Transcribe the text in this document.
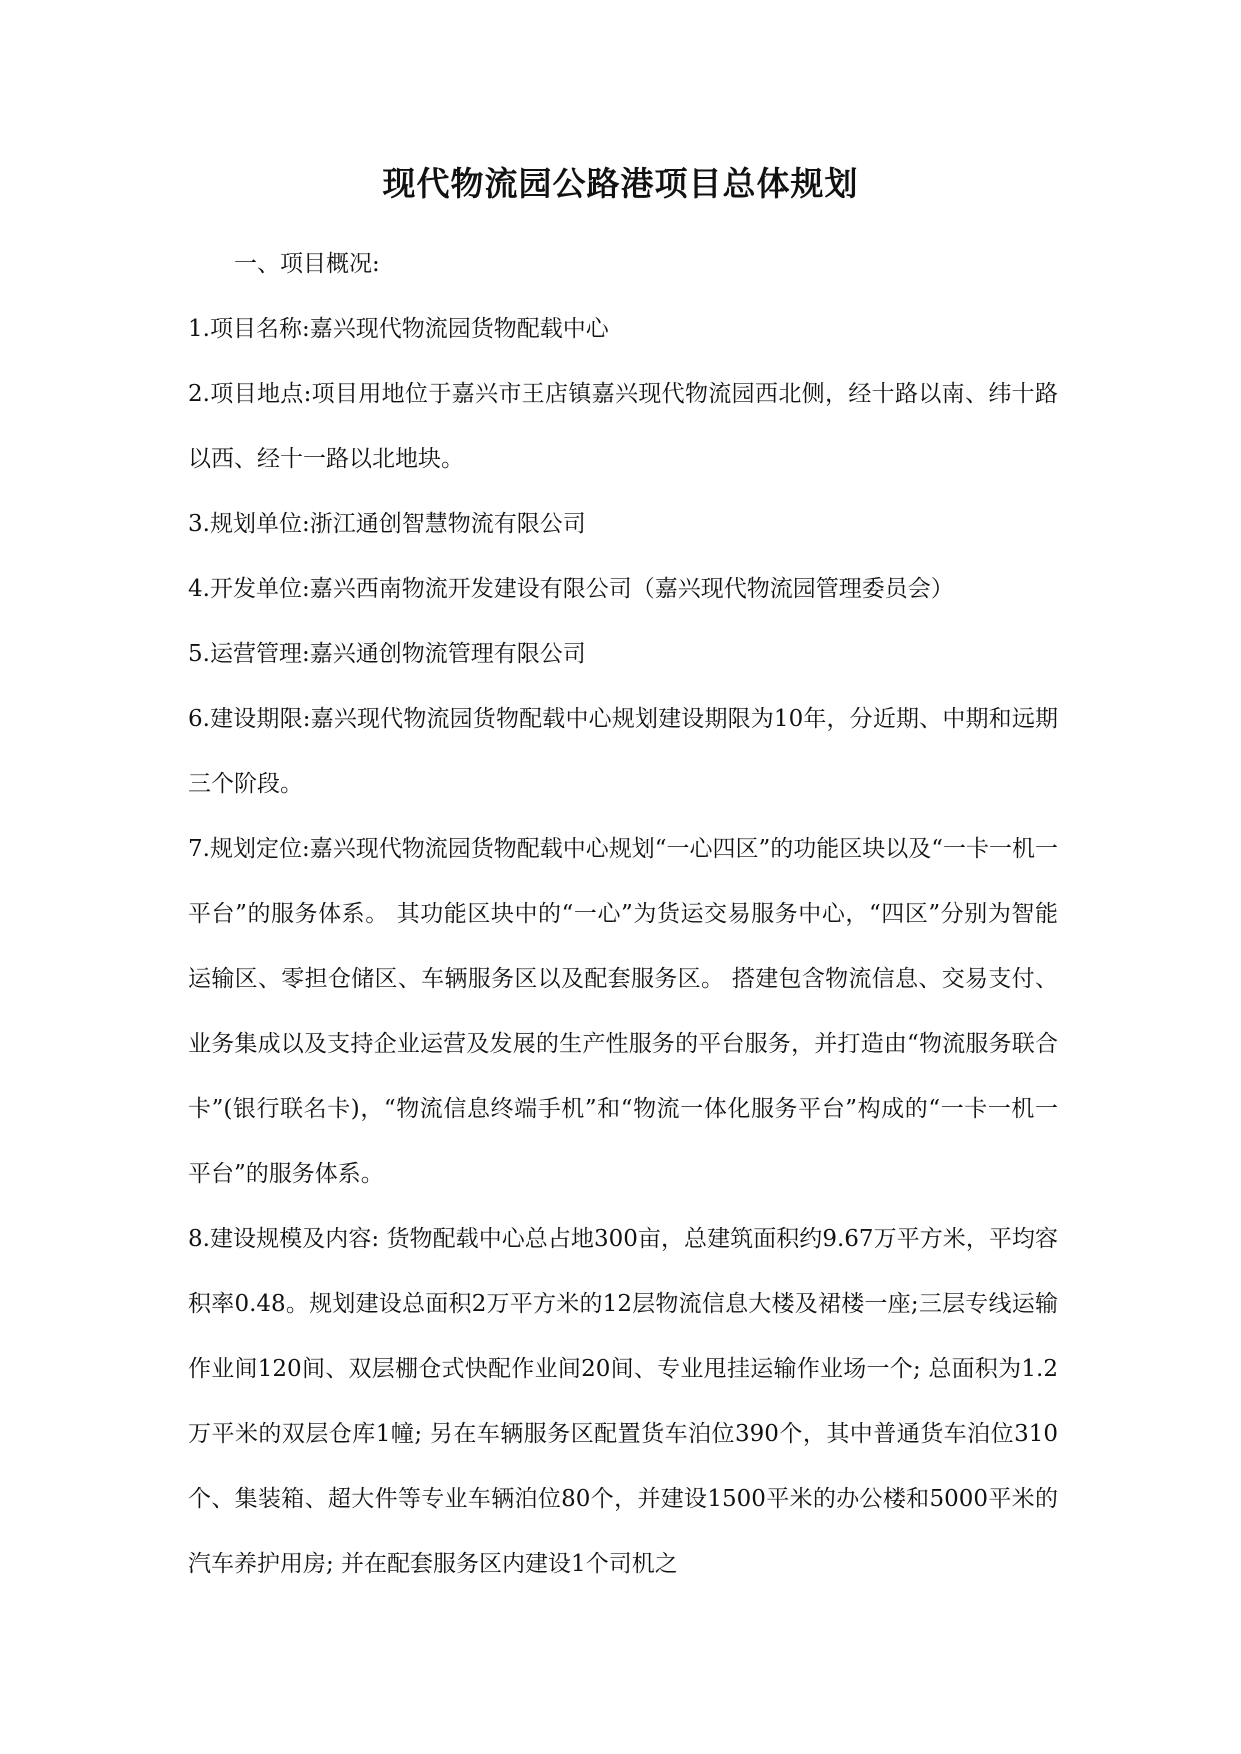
现代物流园公路港项目总体规划

一、项目概况:

1.项目名称:嘉兴现代物流园货物配载中心

2.项目地点:项目用地位于嘉兴市王店镇嘉兴现代物流园西北侧，经十路以南、纬十路以西、经十一路以北地块。

3.规划单位:浙江通创智慧物流有限公司

4.开发单位:嘉兴西南物流开发建设有限公司（嘉兴现代物流园管理委员会）

5.运营管理:嘉兴通创物流管理有限公司

6.建设期限:嘉兴现代物流园货物配载中心规划建设期限为10年，分近期、中期和远期三个阶段。

7.规划定位:嘉兴现代物流园货物配载中心规划“一心四区”的功能区块以及“一卡一机一平台”的服务体系。 其功能区块中的“一心”为货运交易服务中心，“四区”分别为智能运输区、零担仓储区、车辆服务区以及配套服务区。 搭建包含物流信息、交易支付、业务集成以及支持企业运营及发展的生产性服务的平台服务，并打造由“物流服务联合卡”(银行联名卡)，“物流信息终端手机”和“物流一体化服务平台”构成的“一卡一机一平台”的服务体系。

8.建设规模及内容: 货物配载中心总占地300亩，总建筑面积约9.67万平方米，平均容积率0.48。规划建设总面积2万平方米的12层物流信息大楼及裙楼一座;三层专线运输作业间120间、双层棚仓式快配作业间20间、专业甩挂运输作业场一个; 总面积为1.2万平米的双层仓库1幢; 另在车辆服务区配置货车泊位390个，其中普通货车泊位310个、集装箱、超大件等专业车辆泊位80个，并建设1500平米的办公楼和5000平米的汽车养护用房; 并在配套服务区内建设1个司机之
